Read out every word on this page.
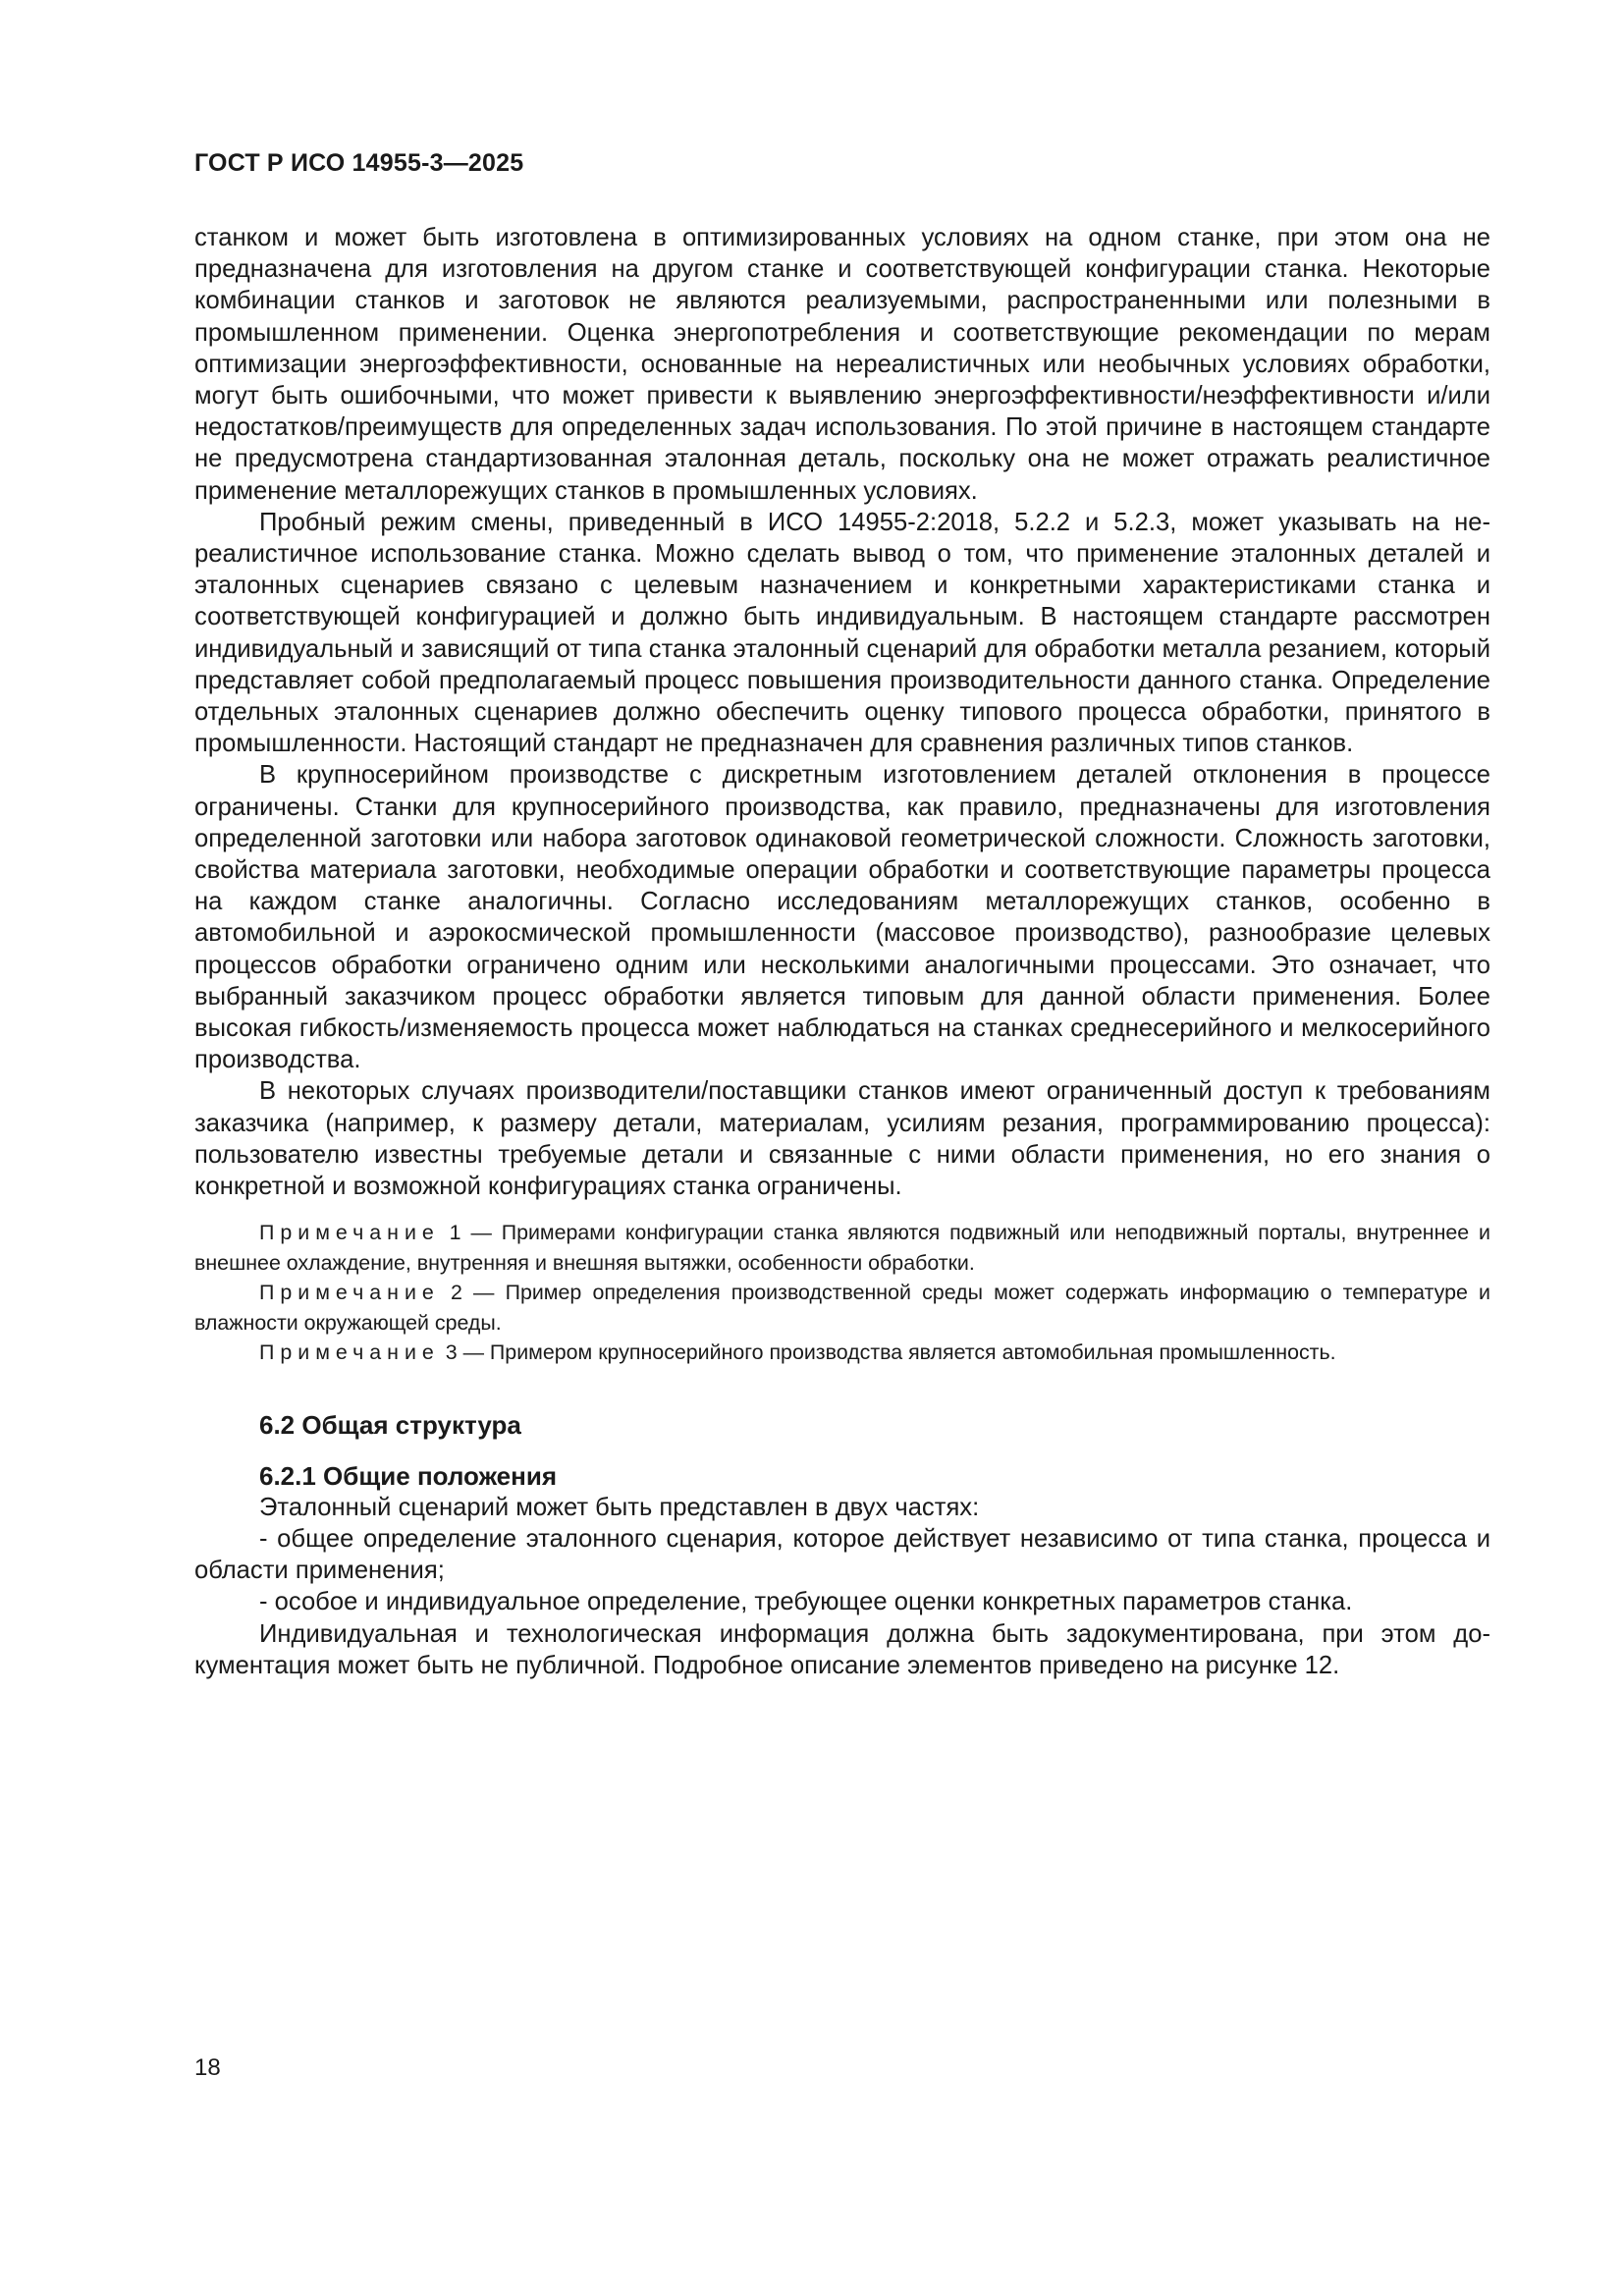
ГОСТ Р ИСО 14955-3—2025

станком и может быть изготовлена в оптимизированных условиях на одном станке, при этом она не предназначена для изготовления на другом станке и соответствующей конфигурации станка. Некоторые комбинации станков и заготовок не являются реализуемыми, распространенными или полезными в промышленном применении. Оценка энергопотребления и соответствующие рекомендации по мерам оптимизации энергоэффективности, основанные на нереалистичных или необычных условиях обработки, могут быть ошибочными, что может привести к выявлению энергоэффективности/неэффективности и/или недостатков/преимуществ для определенных задач использования. По этой причине в настоящем стандарте не предусмотрена стандартизованная эталонная деталь, поскольку она не может отражать реалистичное применение металлорежущих станков в промышленных условиях.

Пробный режим смены, приведенный в ИСО 14955-2:2018, 5.2.2 и 5.2.3, может указывать на нереалистичное использование станка. Можно сделать вывод о том, что применение эталонных деталей и эталонных сценариев связано с целевым назначением и конкретными характеристиками станка и соответствующей конфигурацией и должно быть индивидуальным. В настоящем стандарте рассмотрен индивидуальный и зависящий от типа станка эталонный сценарий для обработки металла резанием, который представляет собой предполагаемый процесс повышения производительности данного станка. Определение отдельных эталонных сценариев должно обеспечить оценку типового процесса обработки, принятого в промышленности. Настоящий стандарт не предназначен для сравнения различных типов станков.

В крупносерийном производстве с дискретным изготовлением деталей отклонения в процессе ограничены. Станки для крупносерийного производства, как правило, предназначены для изготовления определенной заготовки или набора заготовок одинаковой геометрической сложности. Сложность заготовки, свойства материала заготовки, необходимые операции обработки и соответствующие параметры процесса на каждом станке аналогичны. Согласно исследованиям металлорежущих станков, особенно в автомобильной и аэрокосмической промышленности (массовое производство), разнообразие целевых процессов обработки ограничено одним или несколькими аналогичными процессами. Это означает, что выбранный заказчиком процесс обработки является типовым для данной области применения. Более высокая гибкость/изменяемость процесса может наблюдаться на станках среднесерийного и мелкосерийного производства.

В некоторых случаях производители/поставщики станков имеют ограниченный доступ к требованиям заказчика (например, к размеру детали, материалам, усилиям резания, программированию процесса): пользователю известны требуемые детали и связанные с ними области применения, но его знания о конкретной и возможной конфигурациях станка ограничены.

Примечание 1 — Примерами конфигурации станка являются подвижный или неподвижный порталы, внутреннее и внешнее охлаждение, внутренняя и внешняя вытяжки, особенности обработки.

Примечание 2 — Пример определения производственной среды может содержать информацию о температуре и влажности окружающей среды.

Примечание 3 — Примером крупносерийного производства является автомобильная промышленность.

6.2 Общая структура
6.2.1 Общие положения

Эталонный сценарий может быть представлен в двух частях:

- общее определение эталонного сценария, которое действует независимо от типа станка, процесса и области применения;

- особое и индивидуальное определение, требующее оценки конкретных параметров станка.

Индивидуальная и технологическая информация должна быть задокументирована, при этом документация может быть не публичной. Подробное описание элементов приведено на рисунке 12.

18
